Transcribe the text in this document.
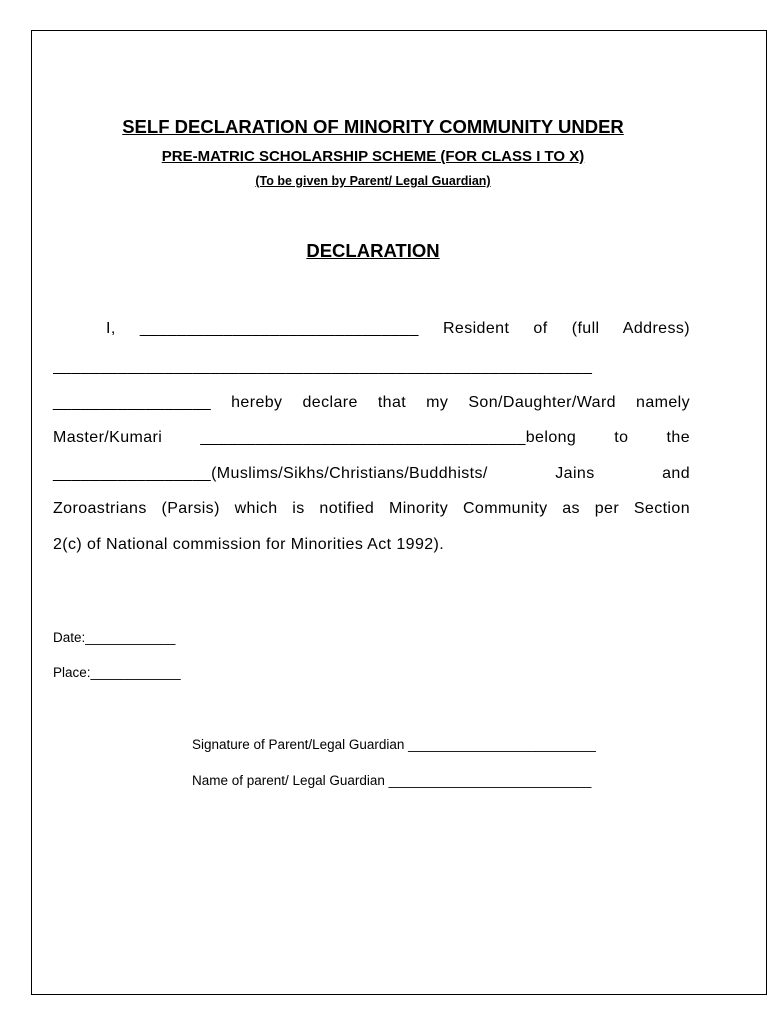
SELF DECLARATION OF MINORITY COMMUNITY UNDER
PRE-MATRIC SCHOLARSHIP SCHEME (FOR CLASS I TO X)
(To be given by Parent/ Legal Guardian)
DECLARATION
I, ______________________________ Resident of (full Address)
__________________________________________________________
_________________ hereby declare that my Son/Daughter/Ward namely
Master/Kumari ___________________________________belong to the
_________________(Muslims/Sikhs/Christians/Buddhists/ Jains and
Zoroastrians (Parsis) which is notified Minority Community as per Section
2(c) of National commission for Minorities Act 1992).
Date:____________
Place:____________
Signature of Parent/Legal Guardian _________________________
Name of parent/ Legal Guardian ___________________________
